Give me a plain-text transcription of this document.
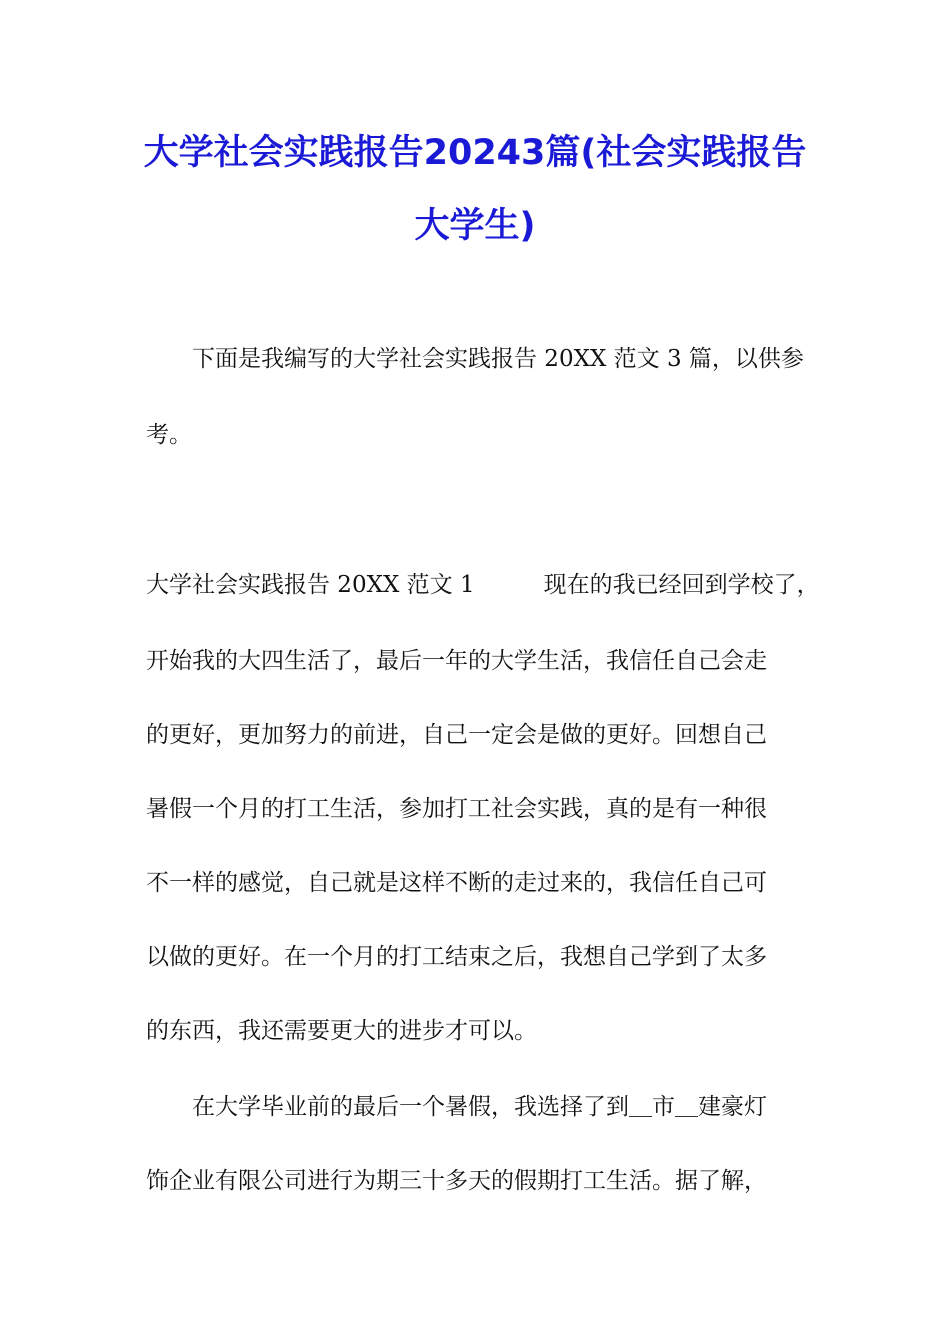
大学社会实践报告20243篇(社会实践报告
大学生)
　　下面是我编写的大学社会实践报告 20XX 范文 3 篇，以供参
考。
大学社会实践报告 20XX 范文 1　　　现在的我已经回到学校了，
开始我的大四生活了，最后一年的大学生活，我信任自己会走
的更好，更加努力的前进，自己一定会是做的更好。回想自己
暑假一个月的打工生活，参加打工社会实践，真的是有一种很
不一样的感觉，自己就是这样不断的走过来的，我信任自己可
以做的更好。在一个月的打工结束之后，我想自己学到了太多
的东西，我还需要更大的进步才可以。
　　在大学毕业前的最后一个暑假，我选择了到＿市＿建豪灯
饰企业有限公司进行为期三十多天的假期打工生活。据了解，
